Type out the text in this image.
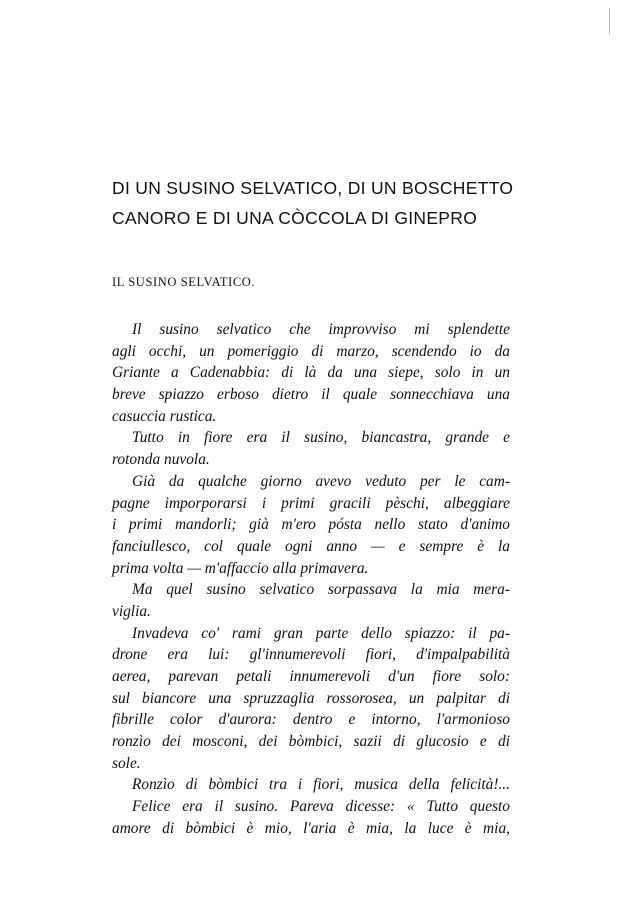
DI UN SUSINO SELVATICO, DI UN BOSCHETTO
CANORO E DI UNA CÒCCOLA DI GINEPRO
IL SUSINO SELVATICO.
Il susino selvatico che improvviso mi splendette
agli occhi, un pomeriggio di marzo, scendendo io da
Griante a Cadenabbia: di là da una siepe, solo in un
breve spiazzo erboso dietro il quale sonnecchiava una
casuccia rustica.
Tutto in fiore era il susino, biancastra, grande e
rotonda nuvola.
Già da qualche giorno avevo veduto per le cam-
pagne imporporarsi i primi gracili pèschi, albeggiare
i primi mandorli; già m'ero pósta nello stato d'animo
fanciullesco, col quale ogni anno — e sempre è la
prima volta — m'affaccio alla primavera.
Ma quel susino selvatico sorpassava la mia mera-
viglia.
Invadeva co' rami gran parte dello spiazzo: il pa-
drone era lui: gl'innumerevoli fiori, d'impalpabilità
aerea, parevan petali innumerevoli d'un fiore solo:
sul biancore una spruzzaglia rossorosea, un palpitar di
fibrille color d'aurora: dentro e intorno, l'armonioso
ronzìo dei mosconi, dei bòmbici, sazii di glucosio e di
sole.
Ronzìo di bòmbici tra i fiori, musica della felicità!...
Felice era il susino. Pareva dicesse: « Tutto questo
amore di bòmbici è mio, l'aria è mia, la luce è mia,
